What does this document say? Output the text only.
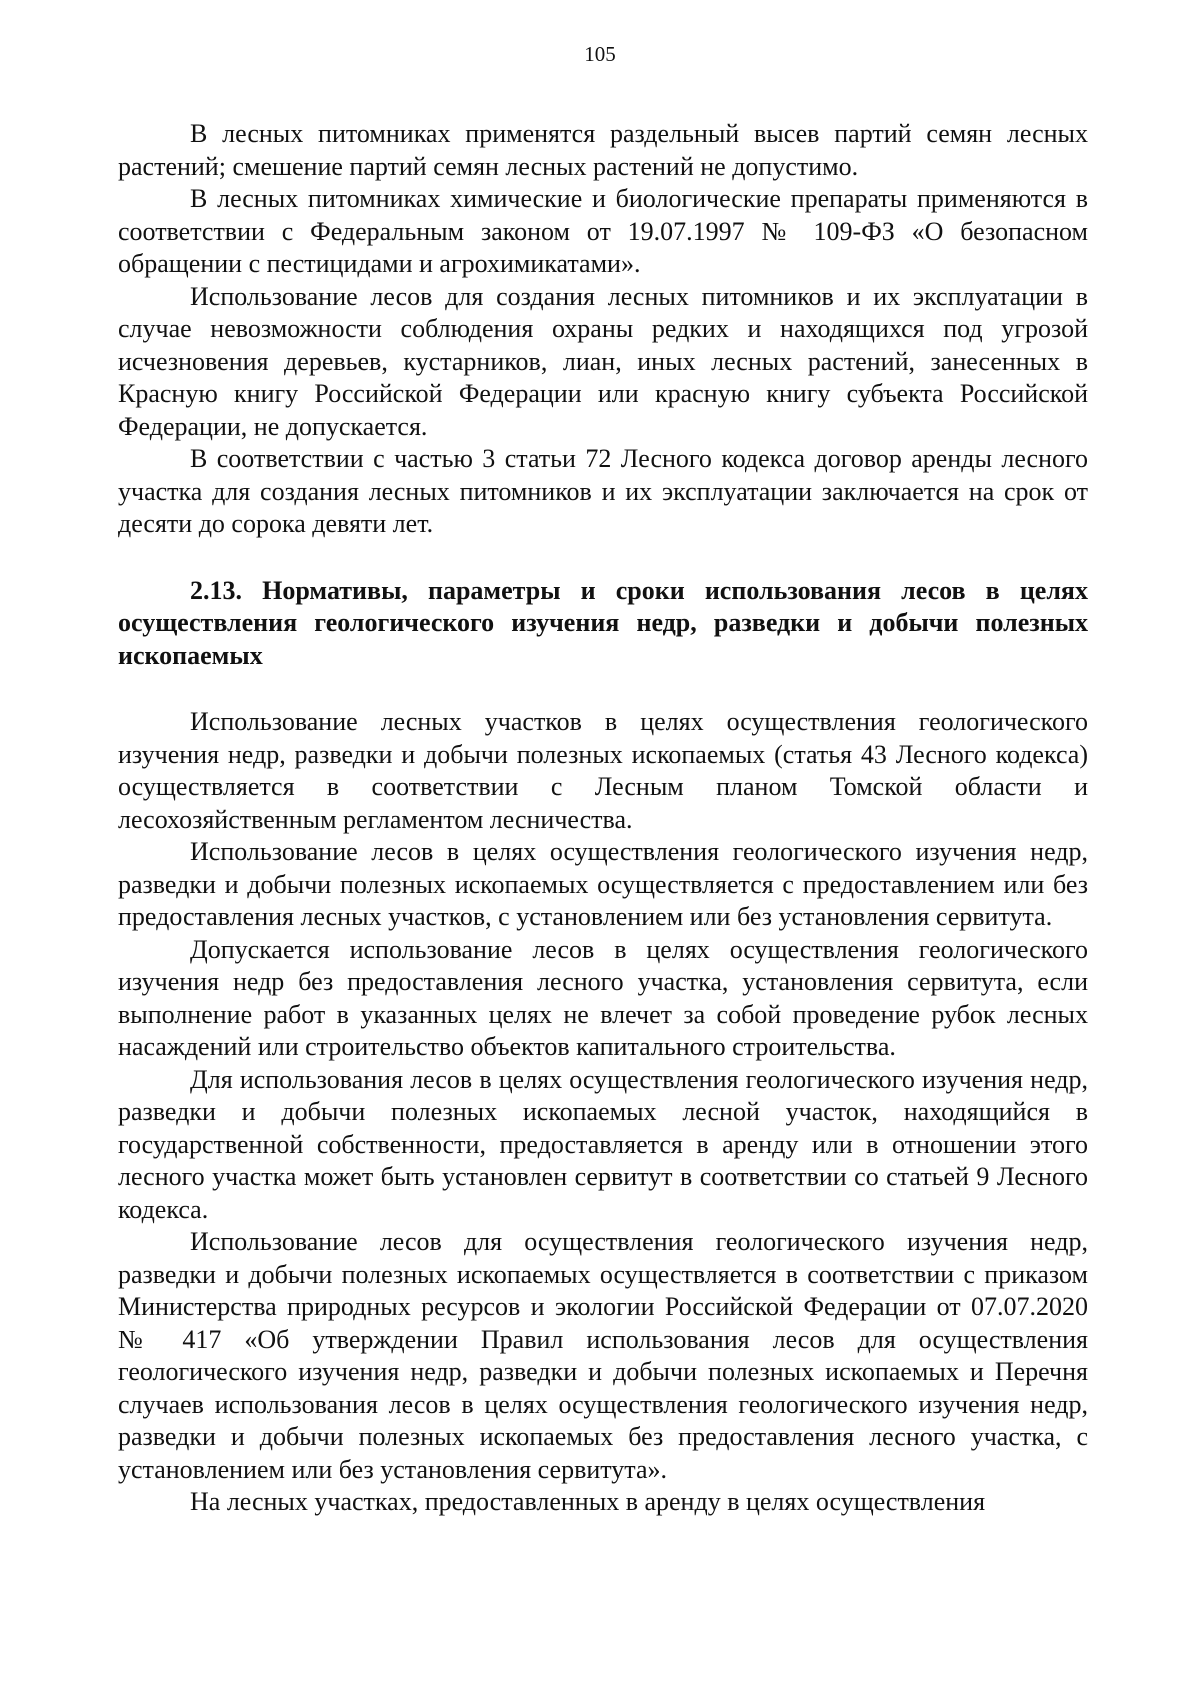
105

В лесных питомниках применятся раздельный высев партий семян лесных растений; смешение партий семян лесных растений не допустимо.

В лесных питомниках химические и биологические препараты применяются в соответствии с Федеральным законом от 19.07.1997 № 109-ФЗ «О безопасном обращении с пестицидами и агрохимикатами».

Использование лесов для создания лесных питомников и их эксплуатации в случае невозможности соблюдения охраны редких и находящихся под угрозой исчезновения деревьев, кустарников, лиан, иных лесных растений, занесенных в Красную книгу Российской Федерации или красную книгу субъекта Российской Федерации, не допускается.

В соответствии с частью 3 статьи 72 Лесного кодекса договор аренды лесного участка для создания лесных питомников и их эксплуатации заключается на срок от десяти до сорока девяти лет.

2.13. Нормативы, параметры и сроки использования лесов в целях осуществления геологического изучения недр, разведки и добычи полезных ископаемых

Использование лесных участков в целях осуществления геологического изучения недр, разведки и добычи полезных ископаемых (статья 43 Лесного кодекса) осуществляется в соответствии с Лесным планом Томской области и лесохозяйственным регламентом лесничества.

Использование лесов в целях осуществления геологического изучения недр, разведки и добычи полезных ископаемых осуществляется с предоставлением или без предоставления лесных участков, с установлением или без установления сервитута.

Допускается использование лесов в целях осуществления геологического изучения недр без предоставления лесного участка, установления сервитута, если выполнение работ в указанных целях не влечет за собой проведение рубок лесных насаждений или строительство объектов капитального строительства.

Для использования лесов в целях осуществления геологического изучения недр, разведки и добычи полезных ископаемых лесной участок, находящийся в государственной собственности, предоставляется в аренду или в отношении этого лесного участка может быть установлен сервитут в соответствии со статьей 9 Лесного кодекса.

Использование лесов для осуществления геологического изучения недр, разведки и добычи полезных ископаемых осуществляется в соответствии с приказом Министерства природных ресурсов и экологии Российской Федерации от 07.07.2020 № 417 «Об утверждении Правил использования лесов для осуществления геологического изучения недр, разведки и добычи полезных ископаемых и Перечня случаев использования лесов в целях осуществления геологического изучения недр, разведки и добычи полезных ископаемых без предоставления лесного участка, с установлением или без установления сервитута».

На лесных участках, предоставленных в аренду в целях осуществления
